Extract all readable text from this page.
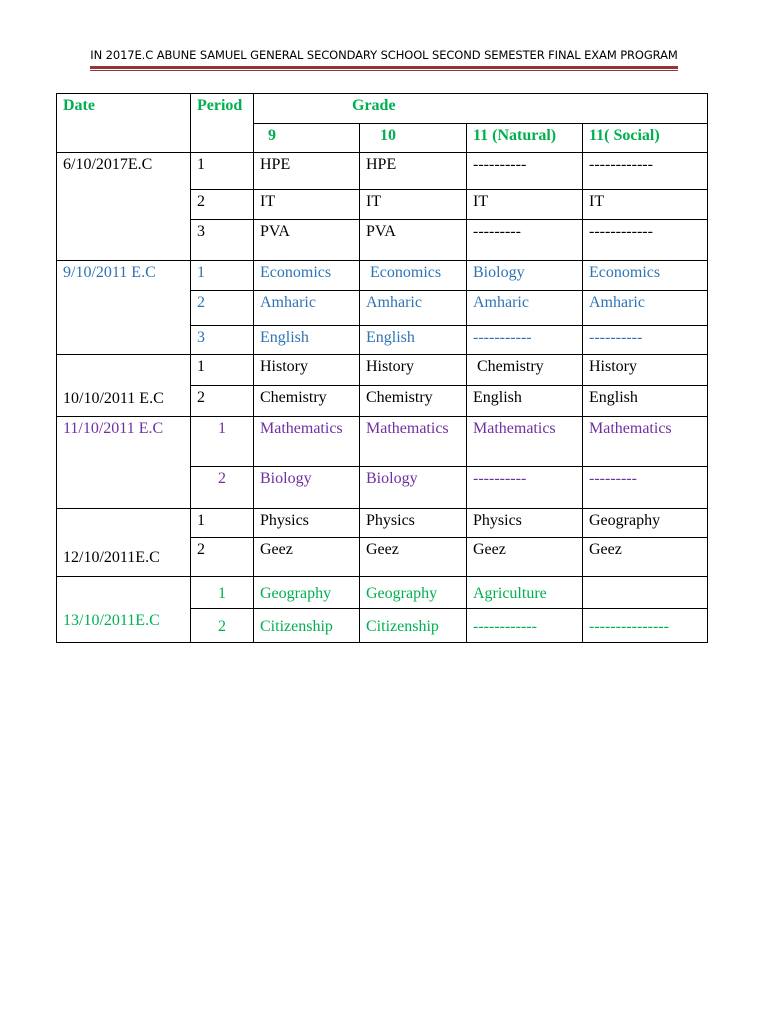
IN 2017E.C ABUNE SAMUEL GENERAL SECONDARY SCHOOL SECOND SEMESTER FINAL EXAM PROGRAM
Date	Period	Grade			
		9	10	11 (Natural)	11( Social)
6/10/2017E.C	1	HPE	HPE	----------	------------
	2	IT	IT	IT	IT
	3	PVA	PVA	---------	------------
9/10/2011 E.C	1	Economics	Economics	Biology	Economics
	2	Amharic	Amharic	Amharic	Amharic
	3	English	English	-----------	----------
10/10/2011 E.C	1	History	History	Chemistry	History
	2	Chemistry	Chemistry	English	English
11/10/2011 E.C	1	Mathematics	Mathematics	Mathematics	Mathematics
	2	Biology	Biology	----------	---------
12/10/2011E.C	1	Physics	Physics	Physics	Geography
	2	Geez	Geez	Geez	Geez
13/10/2011E.C	1	Geography	Geography	Agriculture	
	2	Citizenship	Citizenship	------------	---------------
